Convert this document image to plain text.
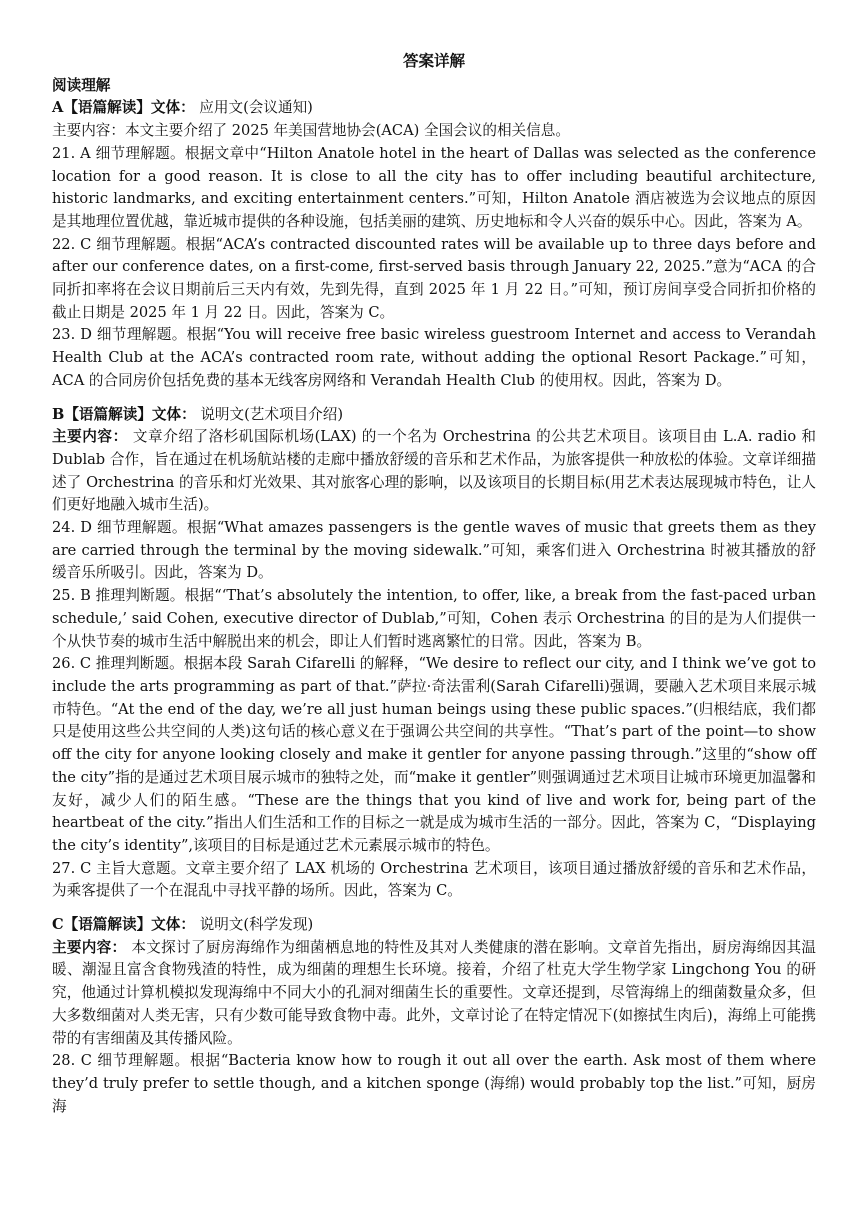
答案详解
阅读理解

A【语篇解读】文体： 应用文(会议通知)

主要内容：本文主要介绍了 2025 年美国营地协会(ACA) 全国会议的相关信息。

21. A 细节理解题。根据文章中“Hilton Anatole hotel in the heart of Dallas was selected as the conference location for a good reason. It is close to all the city has to offer including beautiful architecture, historic landmarks, and exciting entertainment centers.”可知，Hilton Anatole 酒店被选为会议地点的原因是其地理位置优越，靠近城市提供的各种设施，包括美丽的建筑、历史地标和令人兴奋的娱乐中心。因此，答案为 A。

22. C 细节理解题。根据“ACA’s contracted discounted rates will be available up to three days before and after our conference dates, on a first-come, first-served basis through January 22, 2025.”意为“ACA 的合同折扣率将在会议日期前后三天内有效，先到先得，直到 2025 年 1 月 22 日。”可知，预订房间享受合同折扣价格的截止日期是 2025 年 1 月 22 日。因此，答案为 C。

23. D 细节理解题。根据“You will receive free basic wireless guestroom Internet and access to Verandah Health Club at the ACA’s contracted room rate, without adding the optional Resort Package.”可知，ACA 的合同房价包括免费的基本无线客房网络和 Verandah Health Club 的使用权。因此，答案为 D。

B【语篇解读】文体： 说明文(艺术项目介绍)

主要内容： 文章介绍了洛杉矶国际机场(LAX) 的一个名为 Orchestrina 的公共艺术项目。该项目由 L.A. radio 和 Dublab 合作，旨在通过在机场航站楼的走廊中播放舒缓的音乐和艺术作品，为旅客提供一种放松的体验。文章详细描述了 Orchestrina 的音乐和灯光效果、其对旅客心理的影响，以及该项目的长期目标(用艺术表达展现城市特色，让人们更好地融入城市生活)。

24. D 细节理解题。根据“What amazes passengers is the gentle waves of music that greets them as they are carried through the terminal by the moving sidewalk.”可知，乘客们进入 Orchestrina 时被其播放的舒缓音乐所吸引。因此，答案为 D。

25. B 推理判断题。根据“‘That’s absolutely the intention, to offer, like, a break from the fast-paced urban schedule,’ said Cohen, executive director of Dublab,”可知，Cohen 表示 Orchestrina 的目的是为人们提供一个从快节奏的城市生活中解脱出来的机会，即让人们暂时逃离繁忙的日常。因此，答案为 B。

26. C 推理判断题。根据本段 Sarah Cifarelli 的解释，“We desire to reflect our city, and I think we’ve got to include the arts programming as part of that.”萨拉·奇法雷利(Sarah Cifarelli)强调，要融入艺术项目来展示城市特色。“At the end of the day, we’re all just human beings using these public spaces.”(归根结底，我们都只是使用这些公共空间的人类)这句话的核心意义在于强调公共空间的共享性。“That’s part of the point—to show off the city for anyone looking closely and make it gentler for anyone passing through.”这里的“show off the city”指的是通过艺术项目展示城市的独特之处，而“make it gentler”则强调通过艺术项目让城市环境更加温馨和友好，减少人们的陌生感。“These are the things that you kind of live and work for, being part of the heartbeat of the city.”指出人们生活和工作的目标之一就是成为城市生活的一部分。因此，答案为 C，“Displaying the city’s identity”,该项目的目标是通过艺术元素展示城市的特色。

27. C 主旨大意题。文章主要介绍了 LAX 机场的 Orchestrina 艺术项目，该项目通过播放舒缓的音乐和艺术作品，为乘客提供了一个在混乱中寻找平静的场所。因此，答案为 C。

C【语篇解读】文体： 说明文(科学发现)

主要内容： 本文探讨了厨房海绵作为细菌栖息地的特性及其对人类健康的潜在影响。文章首先指出，厨房海绵因其温暖、潮湿且富含食物残渣的特性，成为细菌的理想生长环境。接着，介绍了杜克大学生物学家 Lingchong You 的研究，他通过计算机模拟发现海绵中不同大小的孔洞对细菌生长的重要性。文章还提到，尽管海绵上的细菌数量众多，但大多数细菌对人类无害，只有少数可能导致食物中毒。此外，文章讨论了在特定情况下(如擦拭生肉后)，海绵上可能携带的有害细菌及其传播风险。

28. C 细节理解题。根据“Bacteria know how to rough it out all over the earth. Ask most of them where they’d truly prefer to settle though, and a kitchen sponge (海绵) would probably top the list.”可知，厨房海
